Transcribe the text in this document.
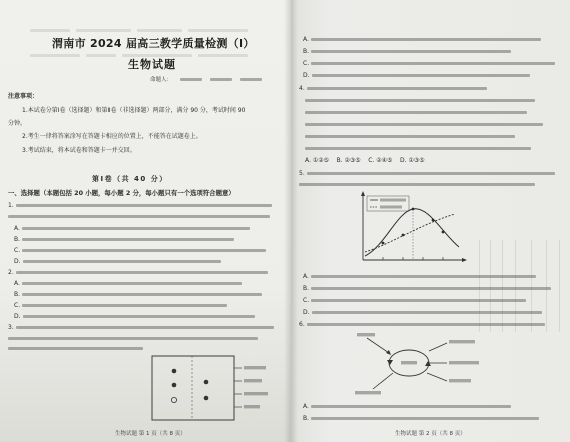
渭南市 2024 届高三教学质量检测（Ⅰ）
生物试题
命题人：
注意事项：
1.本试卷分第Ⅰ卷（选择题）和第Ⅱ卷（非选择题）两部分，满分 90 分，考试时间 90
分钟。
2.考生一律将答案涂写在答题卡相应的位置上，不能答在试题卷上。
3.考试结束，将本试卷和答题卡一并交回。
第Ⅰ卷（共 40 分）
一、选择题（本题包括 20 小题，每小题 2 分，每小题只有一个选项符合题意）
1.
A.
B.
C.
D.
2.
A.
B.
C.
D.
3.
生物试题 第 1 页（共 8 页）
A.
B.
C.
D.
4.
A. ①②⑤    B. ②③⑤    C. ②④⑤    D. ①③⑤
5.
A.
B.
C.
D.
6.
A.
B.
生物试题 第 2 页（共 8 页）
